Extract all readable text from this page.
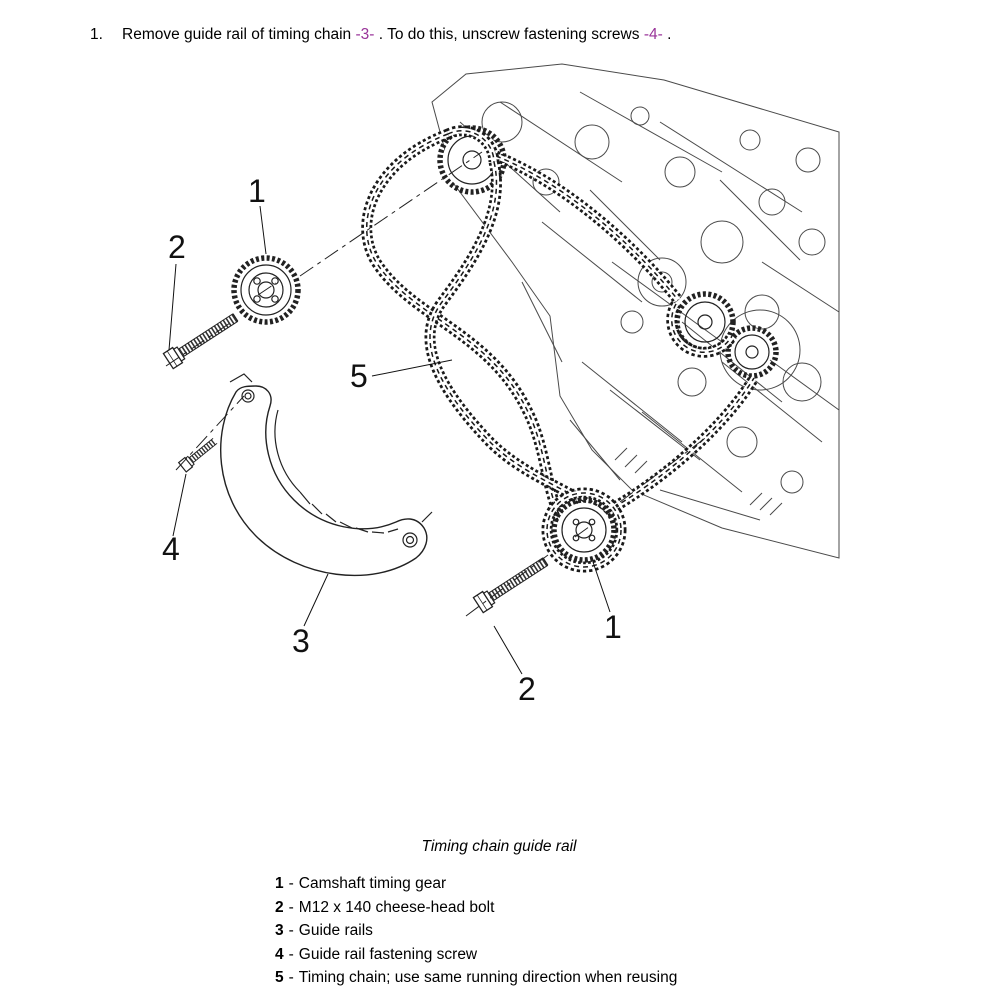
1.	Remove guide rail of timing chain -3- . To do this, unscrew fastening screws -4- .
1
2
5
4
3	1
2
Timing chain guide rail
1 - Camshaft timing gear
2 - M12 x 140 cheese-head bolt
3 - Guide rails
4 - Guide rail fastening screw
5 - Timing chain; use same running direction when reusing
